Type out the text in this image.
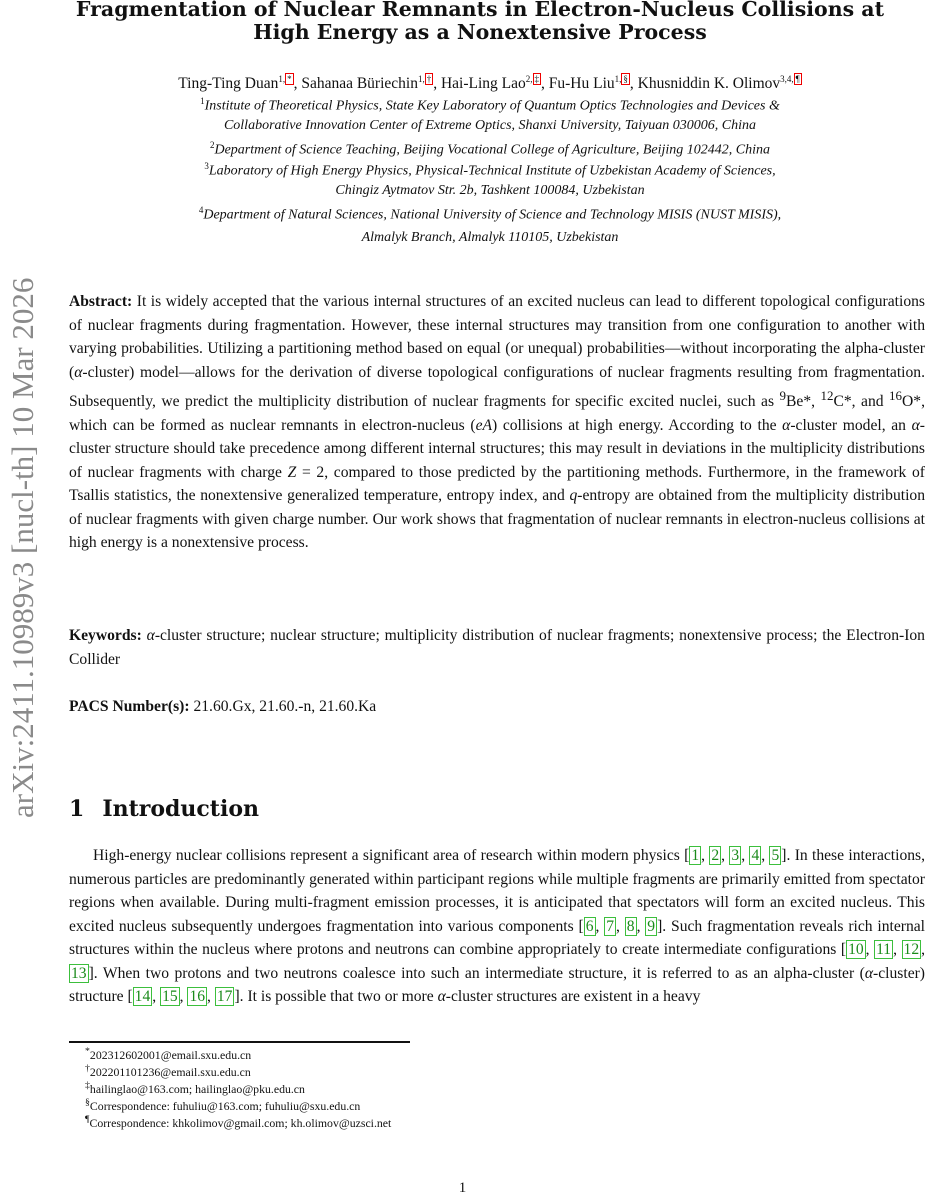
arXiv:2411.10989v3 [nucl-th] 10 Mar 2026
Fragmentation of Nuclear Remnants in Electron-Nucleus Collisions at
High Energy as a Nonextensive Process
Ting-Ting Duan$^{1,}$ * , Sahanaa Büriechin$^{1,}$ † , Hai-Ling Lao$^{2,}$ ‡ , Fu-Hu Liu$^{1,}$ § , Khusniddin K. Olimov$^{3,4,}$ ¶
$^1$Institute of Theoretical Physics, State Key Laboratory of Quantum Optics Technologies and Devices &
Collaborative Innovation Center of Extreme Optics, Shanxi University, Taiyuan 030006, China
$^2$Department of Science Teaching, Beijing Vocational College of Agriculture, Beijing 102442, China
$^3$Laboratory of High Energy Physics, Physical-Technical Institute of Uzbekistan Academy of Sciences,
Chingiz Aytmatov Str. 2b, Tashkent 100084, Uzbekistan
$^4$Department of Natural Sciences, National University of Science and Technology MISIS (NUST MISIS),
Almalyk Branch, Almalyk 110105, Uzbekistan
Abstract: It is widely accepted that the various internal structures of an excited nucleus can lead to different topological configurations of nuclear fragments during fragmentation. However, these internal structures may transition from one configuration to another with varying probabilities. Utilizing a partitioning method based on equal (or unequal) probabilities—without incorporating the alpha-cluster (α-cluster) model—allows for the derivation of diverse topological configurations of nuclear fragments resulting from fragmentation. Subsequently, we predict the multiplicity distribution of nuclear fragments for specific excited nuclei, such as $^9$Be*, $^{12}$C*, and $^{16}$O*, which can be formed as nuclear remnants in electron-nucleus (eA) collisions at high energy. According to the α-cluster model, an α-cluster structure should take precedence among different internal structures; this may result in deviations in the multiplicity distributions of nuclear fragments with charge Z = 2, compared to those predicted by the partitioning methods. Furthermore, in the framework of Tsallis statistics, the nonextensive generalized temperature, entropy index, and q-entropy are obtained from the multiplicity distribution of nuclear fragments with given charge number. Our work shows that fragmentation of nuclear remnants in electron-nucleus collisions at high energy is a nonextensive process.
Keywords: α-cluster structure; nuclear structure; multiplicity distribution of nuclear fragments; nonextensive process; the Electron-Ion Collider
PACS Number(s): 21.60.Gx, 21.60.-n, 21.60.Ka
1 Introduction
High-energy nuclear collisions represent a significant area of research within modern physics [ 1 , 2 , 3 , 4 , 5 ]. In these interactions, numerous particles are predominantly generated within participant regions while multiple fragments are primarily emitted from spectator regions when available. During multi-fragment emission processes, it is anticipated that spectators will form an excited nucleus. This excited nucleus subsequently undergoes fragmentation into various components [ 6 , 7 , 8 , 9 ]. Such fragmentation reveals rich internal structures within the nucleus where protons and neutrons can combine appropriately to create intermediate configurations [ 10 , 11 , 12 , 13 ]. When two protons and two neutrons coalesce into such an intermediate structure, it is referred to as an alpha-cluster (α-cluster) structure [ 14 , 15 , 16 , 17 ]. It is possible that two or more α-cluster structures are existent in a heavy
*202312602001@email.sxu.edu.cn
†202201101236@email.sxu.edu.cn
‡hailinglao@163.com; hailinglao@pku.edu.cn
§Correspondence: fuhuliu@163.com; fuhuliu@sxu.edu.cn
¶Correspondence: khkolimov@gmail.com; kh.olimov@uzsci.net
1
